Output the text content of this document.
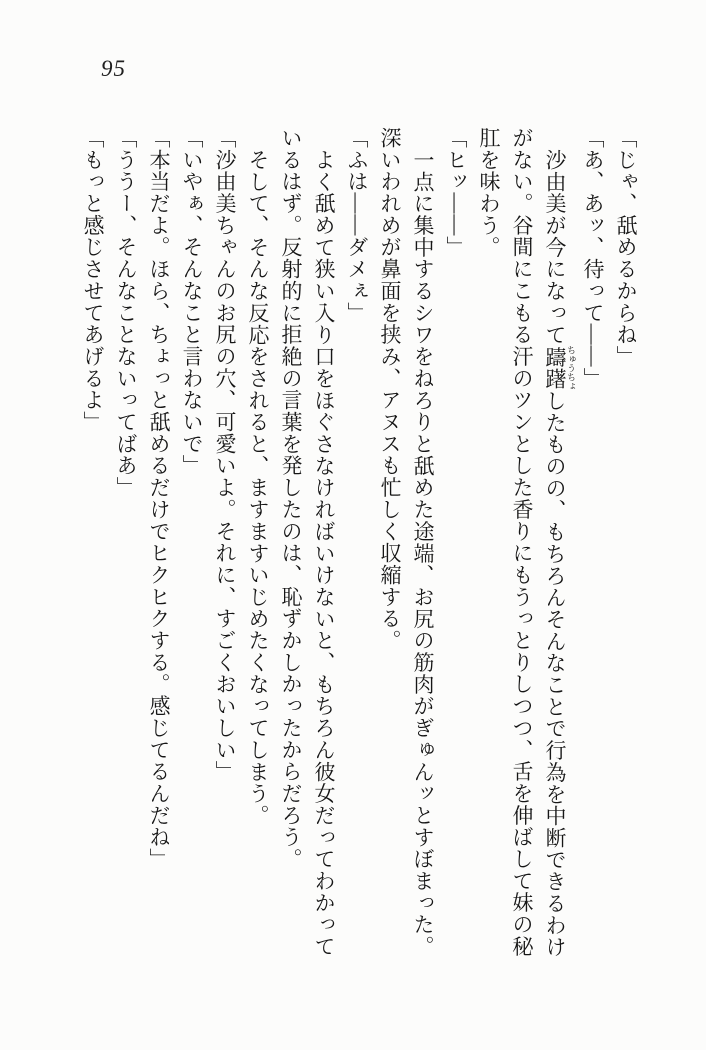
95

「じゃ、舐めるからね」

「あ、あッ、待って――」

沙由美が今になって躊躇 ちゅうちょしたものの、もちろんそんなことで行為を中断できるわけがない。谷間にこもる汗のツンとした香りにもうっとりしつつ、舌を伸ばして妹の秘肛を味わう。

「ヒッ――」

一点に集中するシワをねろりと舐めた途端、お尻の筋肉がぎゅんッとすぼまった。深いわれめが鼻面を挟み、アヌスも忙しく収縮する。

「ふは――ダメぇ」

よく舐めて狭い入り口をほぐさなければいけないと、もちろん彼女だってわかっているはず。反射的に拒絶の言葉を発したのは、恥ずかしかったからだろう。

そして、そんな反応をされると、ますますいじめたくなってしまう。

「沙由美ちゃんのお尻の穴、可愛いよ。それに、すごくおいしい」

「いやぁ、そんなこと言わないで」

「本当だよ。ほら、ちょっと舐めるだけでヒクヒクする。感じてるんだね」

「ううー、そんなことないってばあ」

「もっと感じさせてあげるよ」
